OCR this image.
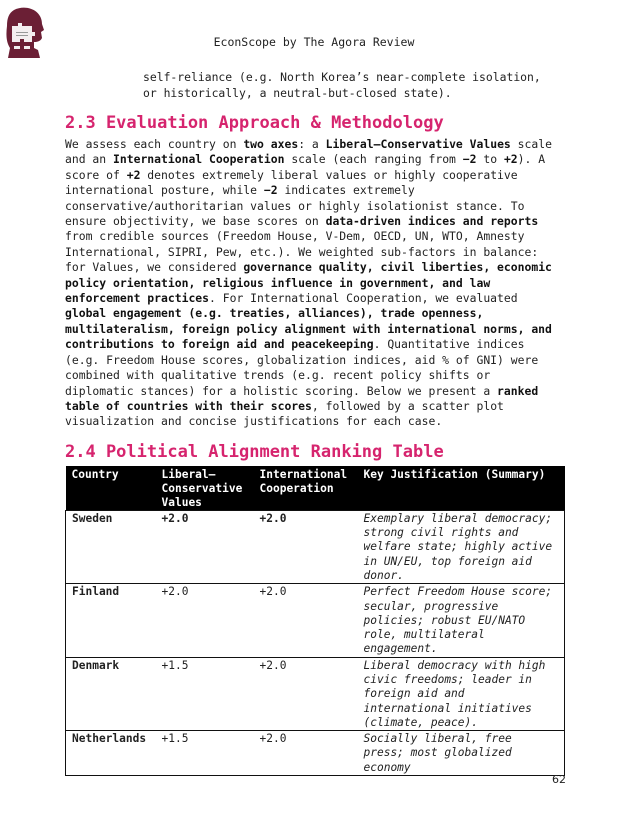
EconScope by The Agora Review
self-reliance (e.g. North Korea’s near-complete isolation,
or historically, a neutral-but-closed state).
2.3 Evaluation Approach & Methodology

We assess each country on two axes: a Liberal–Conservative Values scale and an International Cooperation scale (each ranging from −2 to +2). A score of +2 denotes extremely liberal values or highly cooperative international posture, while −2 indicates extremely conservative/authoritarian values or highly isolationist stance. To ensure objectivity, we base scores on data-driven indices and reports from credible sources (Freedom House, V-Dem, OECD, UN, WTO, Amnesty International, SIPRI, Pew, etc.). We weighted sub-factors in balance: for Values, we considered governance quality, civil liberties, economic policy orientation, religious influence in government, and law enforcement practices. For International Cooperation, we evaluated global engagement (e.g. treaties, alliances), trade openness, multilateralism, foreign policy alignment with international norms, and contributions to foreign aid and peacekeeping. Quantitative indices (e.g. Freedom House scores, globalization indices, aid % of GNI) were combined with qualitative trends (e.g. recent policy shifts or diplomatic stances) for a holistic scoring. Below we present a ranked table of countries with their scores, followed by a scatter plot visualization and concise justifications for each case.

2.4 Political Alignment Ranking Table
Country	Liberal–Conservative Values	International Cooperation	Key Justification (Summary)
Sweden	+2.0	+2.0	Exemplary liberal democracy; strong civil rights and welfare state; highly active in UN/EU, top foreign aid donor.
Finland	+2.0	+2.0	Perfect Freedom House score; secular, progressive policies; robust EU/NATO role, multilateral engagement.
Denmark	+1.5	+2.0	Liberal democracy with high civic freedoms; leader in foreign aid and international initiatives (climate, peace).
Netherlands	+1.5	+2.0	Socially liberal, free press; most globalized economy
62
